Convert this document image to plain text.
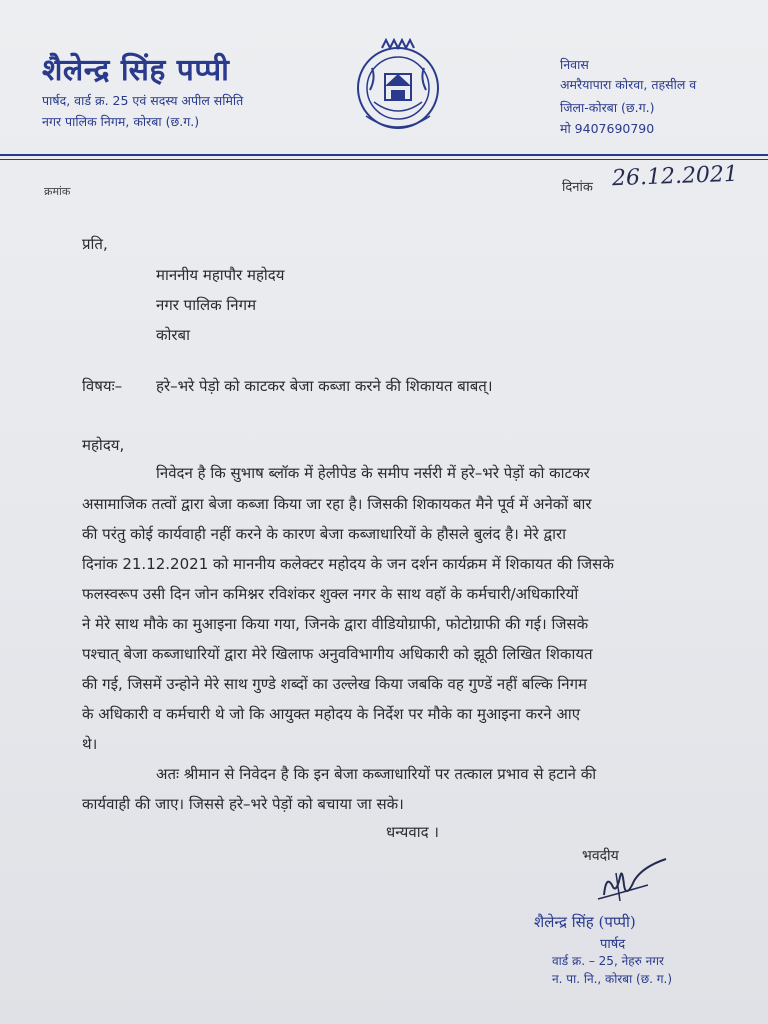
शैलेन्द्र सिंह पप्पी
पार्षद, वार्ड क्र. 25 एवं सदस्य अपील समिति
नगर पालिक निगम, कोरबा (छ.ग.)
निवास
अमरैयापारा कोरवा, तहसील व
जिला-कोरबा (छ.ग.)
मो 9407690790
क्रमांक	दिनांक 26.12.2021
प्रति,
माननीय महापौर महोदय
नगर पालिक निगम
कोरबा
विषयः– हरे–भरे पेड़ो को काटकर बेजा कब्जा करने की शिकायत बाबत्।
महोदय,
निवेदन है कि सुभाष ब्लॉक में हेलीपेड के समीप नर्सरी में हरे–भरे पेड़ों को काटकर
असामाजिक तत्वों द्वारा बेजा कब्जा किया जा रहा है। जिसकी शिकायकत मैने पूर्व में अनेकों बार
की परंतु कोई कार्यवाही नहीं करने के कारण बेजा कब्जाधारियों के हौसले बुलंद है। मेरे द्वारा
दिनांक 21.12.2021 को माननीय कलेक्टर महोदय के जन दर्शन कार्यक्रम में शिकायत की जिसके
फलस्वरूप उसी दिन जोन कमिश्नर रविशंकर शुक्ल नगर के साथ वहॉ के कर्मचारी/अधिकारियों
ने मेरे साथ मौके का मुआइना किया गया, जिनके द्वारा वीडियोग्राफी, फोटोग्राफी की गई। जिसके
पश्चात् बेजा कब्जाधारियों द्वारा मेरे खिलाफ अनुवविभागीय अधिकारी को झूठी लिखित शिकायत
की गई, जिसमें उन्होने मेरे साथ गुण्डे शब्दों का उल्लेख किया जबकि वह गुण्डें नहीं बल्कि निगम
के अधिकारी व कर्मचारी थे जो कि आयुक्त महोदय के निर्देश पर मौके का मुआइना करने आए
थे।
अतः श्रीमान से निवेदन है कि इन बेजा कब्जाधारियों पर तत्काल प्रभाव से हटाने की
कार्यवाही की जाए। जिससे हरे–भरे पेड़ों को बचाया जा सके।
धन्यवाद ।
भवदीय
शैलेन्द्र सिंह (पप्पी)
पार्षद
वार्ड क्र. – 25, नेहरु नगर
न. पा. नि., कोरबा (छ. ग.)
